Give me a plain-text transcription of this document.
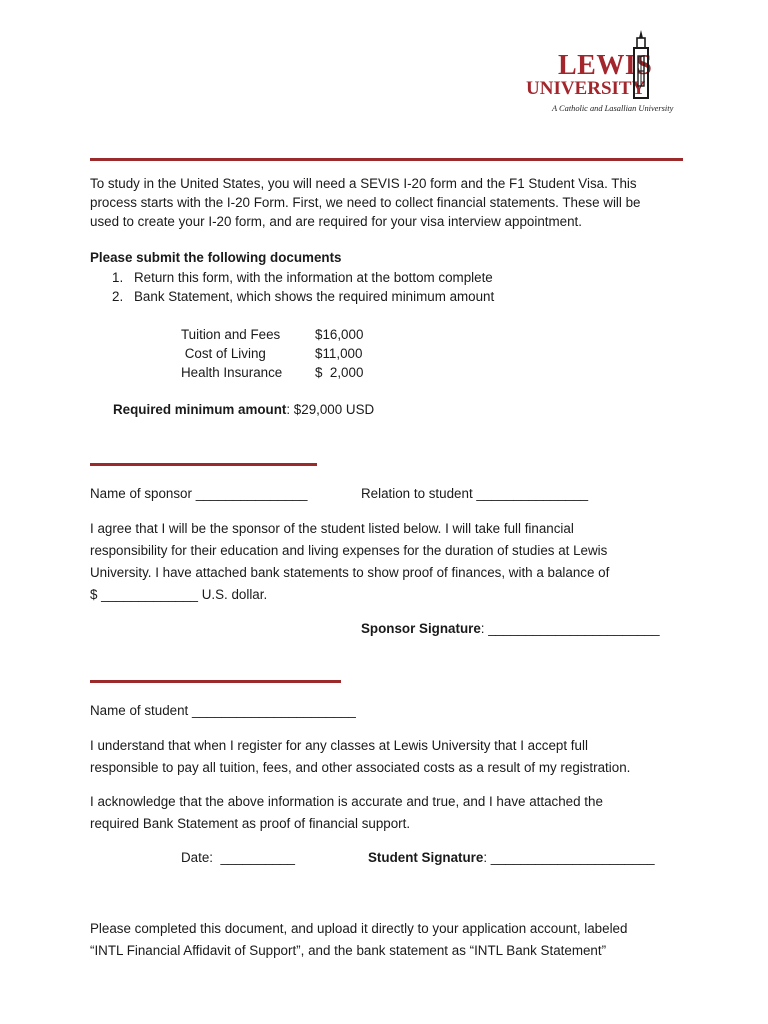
LEWIS
UNIVERSITY
A Catholic and Lasallian University
To study in the United States, you will need a SEVIS I-20 form and the F1 Student Visa. This
process starts with the I-20 Form. First, we need to collect financial statements. These will be
used to create your I-20 form, and are required for your visa interview appointment.
Please submit the following documents
1. Return this form, with the information at the bottom complete
2. Bank Statement, which shows the required minimum amount
Tuition and Fees	$16,000
Cost of Living	$11,000
Health Insurance $  2,000
Required minimum amount: $29,000 USD
Name of sponsor _______________	Relation to student _______________
I agree that I will be the sponsor of the student listed below. I will take full financial
responsibility for their education and living expenses for the duration of studies at Lewis
University. I have attached bank statements to show proof of finances, with a balance of
$ _____________ U.S. dollar.
Sponsor Signature: _______________________
Name of student ______________________
I understand that when I register for any classes at Lewis University that I accept full
responsible to pay all tuition, fees, and other associated costs as a result of my registration.
I acknowledge that the above information is accurate and true, and I have attached the
required Bank Statement as proof of financial support.
Date: __________	Student Signature: ______________________
Please completed this document, and upload it directly to your application account, labeled
“INTL Financial Affidavit of Support”, and the bank statement as “INTL Bank Statement”
